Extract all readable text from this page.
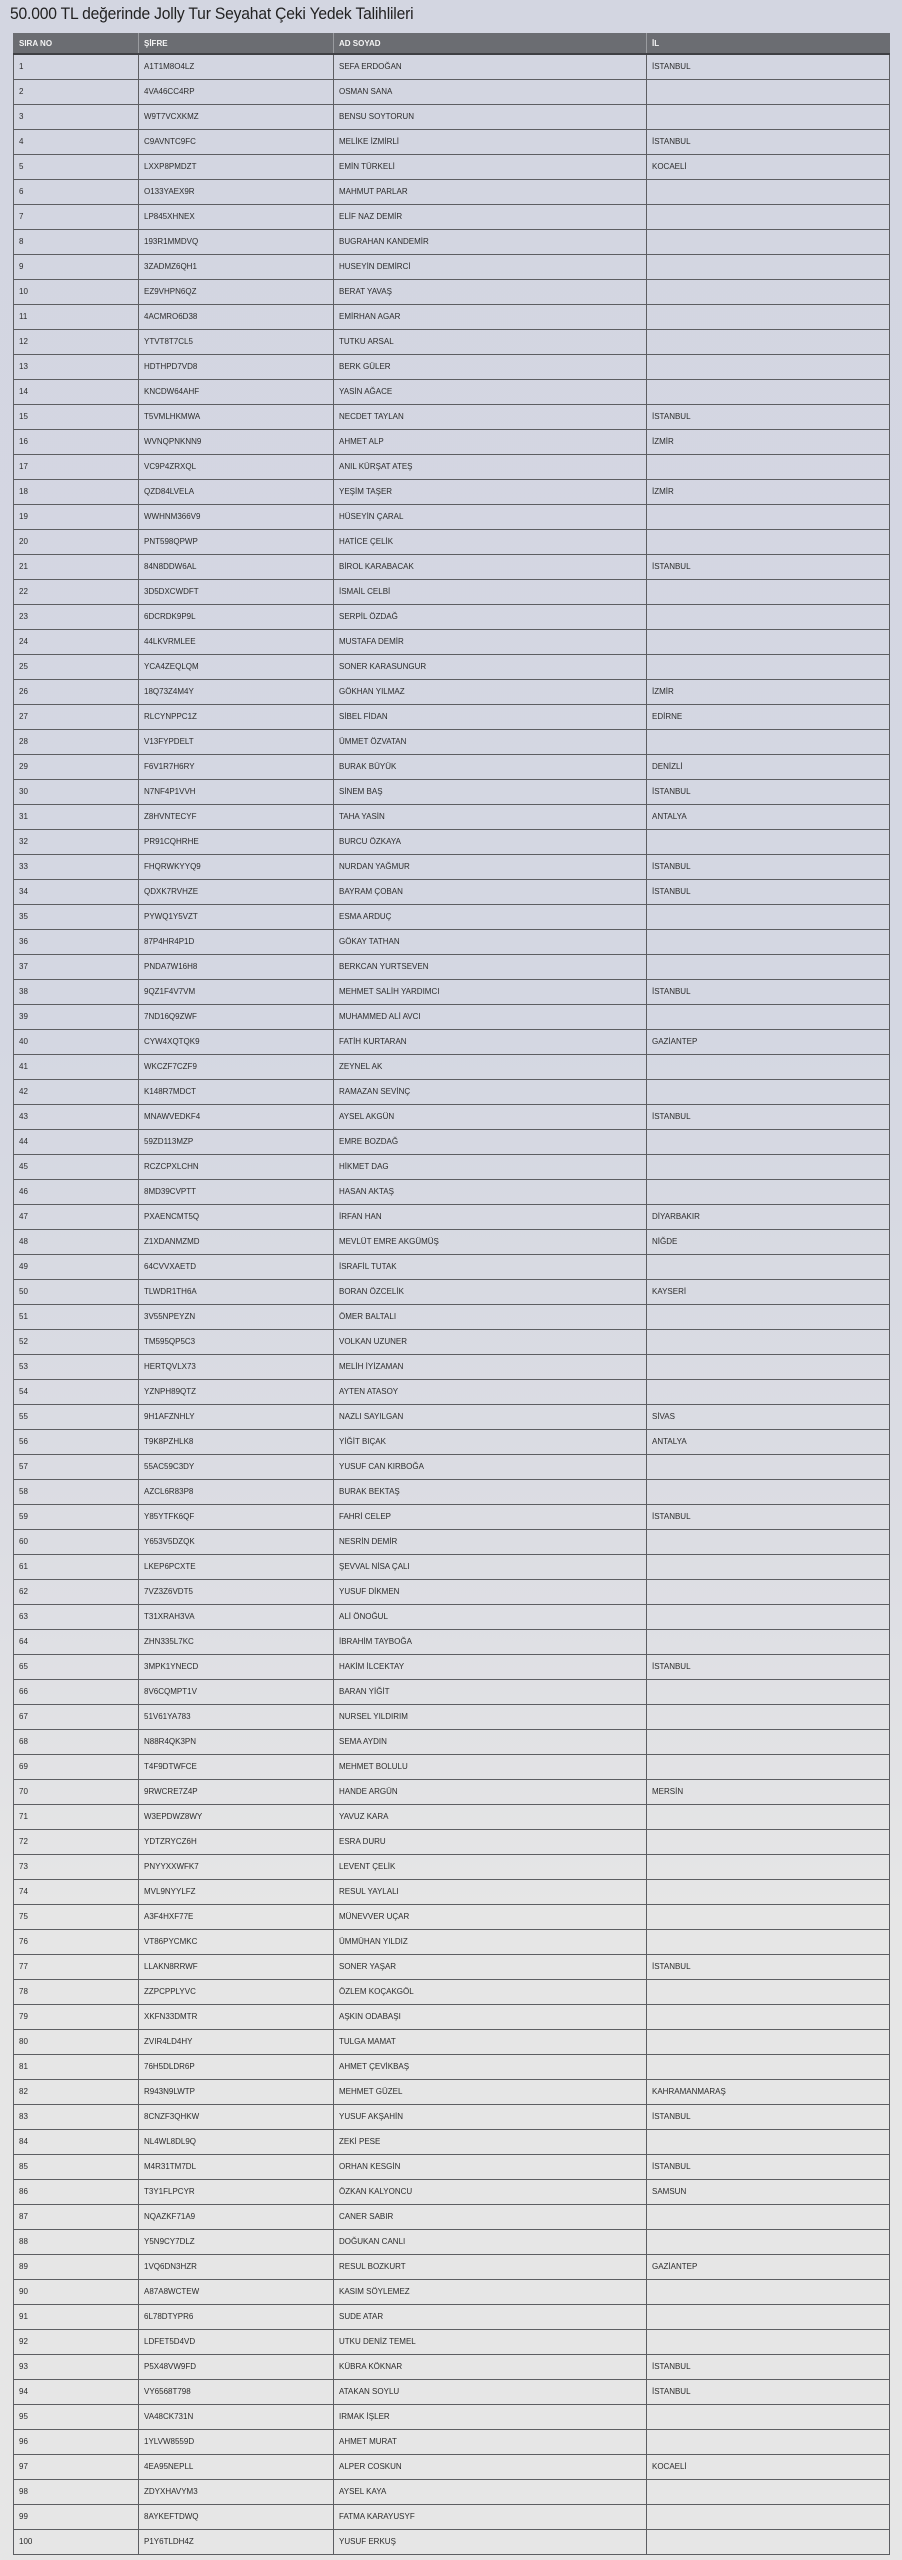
50.000 TL değerinde Jolly Tur Seyahat Çeki Yedek Talihlileri
SIRA NO	ŞİFRE	AD SOYAD	İL
1	A1T1M8O4LZ	SEFA ERDOĞAN	İSTANBUL
2	4VA46CC4RP	OSMAN SANA	
3	W9T7VCXKMZ	BENSU SOYTORUN	
4	C9AVNTC9FC	MELİKE İZMİRLİ	İSTANBUL
5	LXXP8PMDZT	EMİN TÜRKELİ	KOCAELİ
6	O133YAEX9R	MAHMUT PARLAR	
7	LP845XHNEX	ELİF NAZ DEMİR	
8	193R1MMDVQ	BUGRAHAN KANDEMİR	
9	3ZADMZ6QH1	HUSEYİN DEMİRCİ	
10	EZ9VHPN6QZ	BERAT YAVAŞ	
11	4ACMRO6D38	EMİRHAN AGAR	
12	YTVT8T7CL5	TUTKU ARSAL	
13	HDTHPD7VD8	BERK GÜLER	
14	KNCDW64AHF	YASİN AĞACE	
15	T5VMLHKMWA	NECDET TAYLAN	İSTANBUL
16	WVNQPNKNN9	AHMET ALP	İZMİR
17	VC9P4ZRXQL	ANIL KÜRŞAT ATEŞ	
18	QZD84LVELA	YEŞİM TAŞER	İZMİR
19	WWHNM366V9	HÜSEYİN ÇARAL	
20	PNT598QPWP	HATİCE ÇELİK	
21	84N8DDW6AL	BİROL KARABACAK	İSTANBUL
22	3D5DXCWDFT	İSMAİL CELBİ	
23	6DCRDK9P9L	SERPİL ÖZDAĞ	
24	44LKVRMLEE	MUSTAFA DEMİR	
25	YCA4ZEQLQM	SONER KARASUNGUR	
26	18Q73Z4M4Y	GÖKHAN YILMAZ	İZMİR
27	RLCYNPPC1Z	SİBEL FİDAN	EDİRNE
28	V13FYPDELT	ÜMMET ÖZVATAN	
29	F6V1R7H6RY	BURAK BÜYÜK	DENİZLİ
30	N7NF4P1VVH	SİNEM BAŞ	İSTANBUL
31	Z8HVNTECYF	TAHA YASİN	ANTALYA
32	PR91CQHRHE	BURCU ÖZKAYA	
33	FHQRWKYYQ9	NURDAN YAĞMUR	İSTANBUL
34	QDXK7RVHZE	BAYRAM ÇOBAN	İSTANBUL
35	PYWQ1Y5VZT	ESMA ARDUÇ	
36	87P4HR4P1D	GÖKAY TATHAN	
37	PNDA7W16H8	BERKCAN YURTSEVEN	
38	9QZ1F4V7VM	MEHMET SALİH YARDIMCI	İSTANBUL
39	7ND16Q9ZWF	MUHAMMED ALİ AVCI	
40	CYW4XQTQK9	FATİH KURTARAN	GAZİANTEP
41	WKCZF7CZF9	ZEYNEL AK	
42	K148R7MDCT	RAMAZAN SEVİNÇ	
43	MNAWVEDKF4	AYSEL AKGÜN	İSTANBUL
44	59ZD113MZP	EMRE BOZDAĞ	
45	RCZCPXLCHN	HİKMET DAG	
46	8MD39CVPTT	HASAN AKTAŞ	
47	PXAENCMT5Q	İRFAN HAN	DİYARBAKIR
48	Z1XDANMZMD	MEVLÜT EMRE AKGÜMÜŞ	NİĞDE
49	64CVVXAETD	İSRAFİL TUTAK	
50	TLWDR1TH6A	BORAN ÖZCELİK	KAYSERİ
51	3V55NPEYZN	ÖMER BALTALI	
52	TM595QP5C3	VOLKAN UZUNER	
53	HERTQVLX73	MELİH İYİZAMAN	
54	YZNPH89QTZ	AYTEN ATASOY	
55	9H1AFZNHLY	NAZLI SAYILGAN	SİVAS
56	T9K8PZHLK8	YİĞİT BIÇAK	ANTALYA
57	55AC59C3DY	YUSUF CAN KIRBOĞA	
58	AZCL6R83P8	BURAK BEKTAŞ	
59	Y85YTFK6QF	FAHRİ CELEP	İSTANBUL
60	Y653V5DZQK	NESRİN DEMİR	
61	LKEP6PCXTE	ŞEVVAL NİSA ÇALI	
62	7VZ3Z6VDT5	YUSUF DİKMEN	
63	T31XRAH3VA	ALİ ÖNOĞUL	
64	ZHN335L7KC	İBRAHİM TAYBOĞA	
65	3MPK1YNECD	HAKİM İLCEKTAY	İSTANBUL
66	8V6CQMPT1V	BARAN YİĞİT	
67	51V61YA783	NURSEL YILDIRIM	
68	N88R4QK3PN	SEMA AYDIN	
69	T4F9DTWFCE	MEHMET BOLULU	
70	9RWCRE7Z4P	HANDE ARGÜN	MERSİN
71	W3EPDWZ8WY	YAVUZ KARA	
72	YDTZRYCZ6H	ESRA DURU	
73	PNYYXXWFK7	LEVENT ÇELİK	
74	MVL9NYYLFZ	RESUL YAYLALI	
75	A3F4HXF77E	MÜNEVVER UÇAR	
76	VT86PYCMKC	ÜMMÜHAN YILDIZ	
77	LLAKN8RRWF	SONER YAŞAR	İSTANBUL
78	ZZPCPPLYVC	ÖZLEM KOÇAKGÖL	
79	XKFN33DMTR	AŞKIN ODABAŞI	
80	ZVIR4LD4HY	TULGA MAMAT	
81	76H5DLDR6P	AHMET ÇEVİKBAŞ	
82	R943N9LWTP	MEHMET GÜZEL	KAHRAMANMARAŞ
83	8CNZF3QHKW	YUSUF AKŞAHİN	İSTANBUL
84	NL4WL8DL9Q	ZEKİ PESE	
85	M4R31TM7DL	ORHAN KESGİN	İSTANBUL
86	T3Y1FLPCYR	ÖZKAN KALYONCU	SAMSUN
87	NQAZKF71A9	CANER SABIR	
88	Y5N9CY7DLZ	DOĞUKAN CANLI	
89	1VQ6DN3HZR	RESUL BOZKURT	GAZİANTEP
90	A87A8WCTEW	KASIM SÖYLEMEZ	
91	6L78DTYPR6	SUDE ATAR	
92	LDFET5D4VD	UTKU DENİZ TEMEL	
93	P5X48VW9FD	KÜBRA KÖKNAR	İSTANBUL
94	VY6568T798	ATAKAN SOYLU	İSTANBUL
95	VA48CK731N	IRMAK İŞLER	
96	1YLVW8559D	AHMET MURAT	
97	4EA95NEPLL	ALPER COSKUN	KOCAELİ
98	ZDYXHAVYM3	AYSEL KAYA	
99	8AYKEFTDWQ	FATMA KARAYUSYF	
100	P1Y6TLDH4Z	YUSUF ERKUŞ	
